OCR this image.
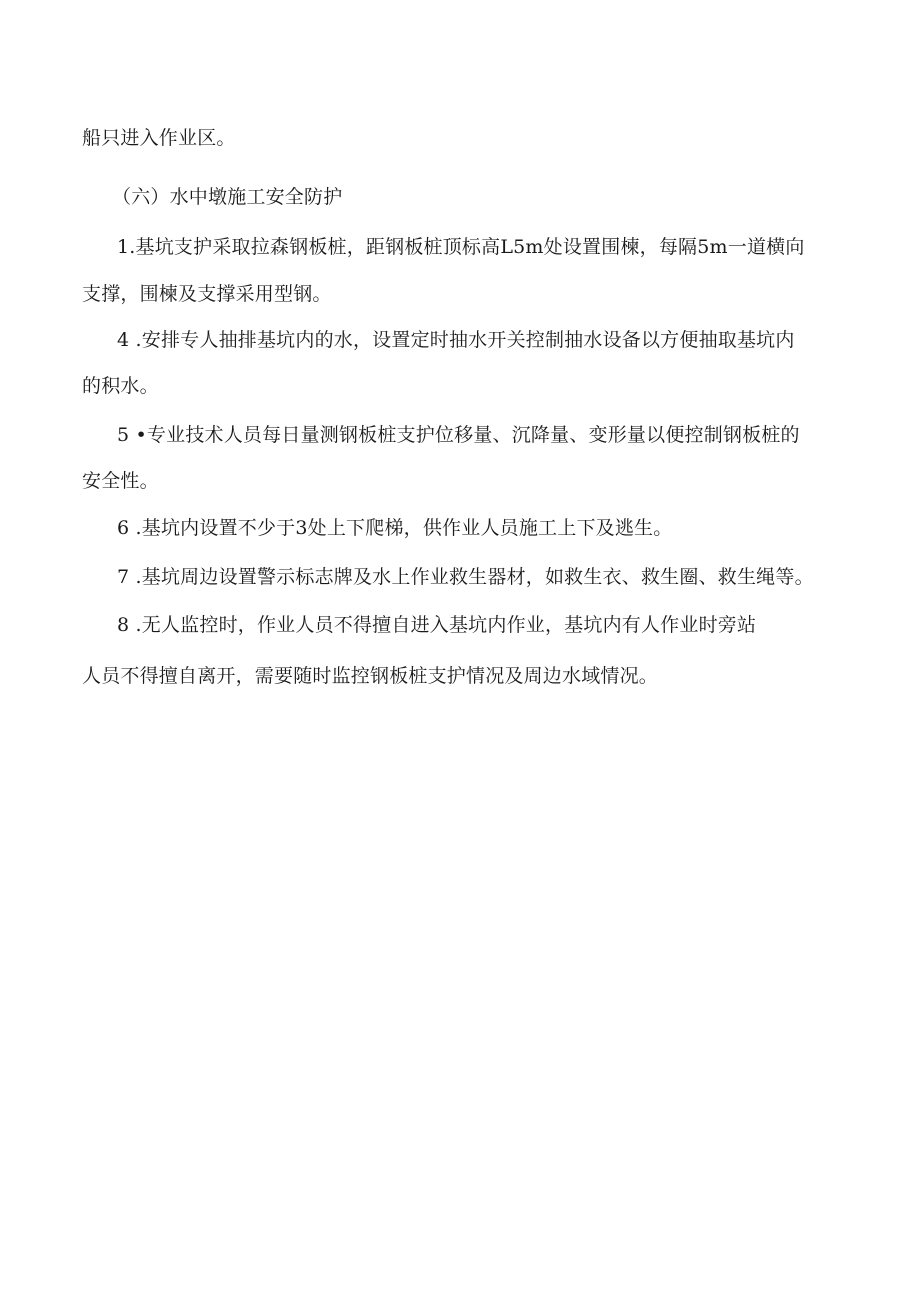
船只进入作业区。
（六）水中墩施工安全防护
1.基坑支护采取拉森钢板桩，距钢板桩顶标高L5m处设置围楝，每隔5m一道横向
支撑，围楝及支撑采用型钢。
4 .安排专人抽排基坑内的水，设置定时抽水开关控制抽水设备以方便抽取基坑内
的积水。
5 •专业技术人员每日量测钢板桩支护位移量、沉降量、变形量以便控制钢板桩的
安全性。
6 .基坑内设置不少于3处上下爬梯，供作业人员施工上下及逃生。
7 .基坑周边设置警示标志牌及水上作业救生器材，如救生衣、救生圈、救生绳等。
8 .无人监控时，作业人员不得擅自进入基坑内作业，基坑内有人作业时旁站
人员不得擅自离开，需要随时监控钢板桩支护情况及周边水域情况。
